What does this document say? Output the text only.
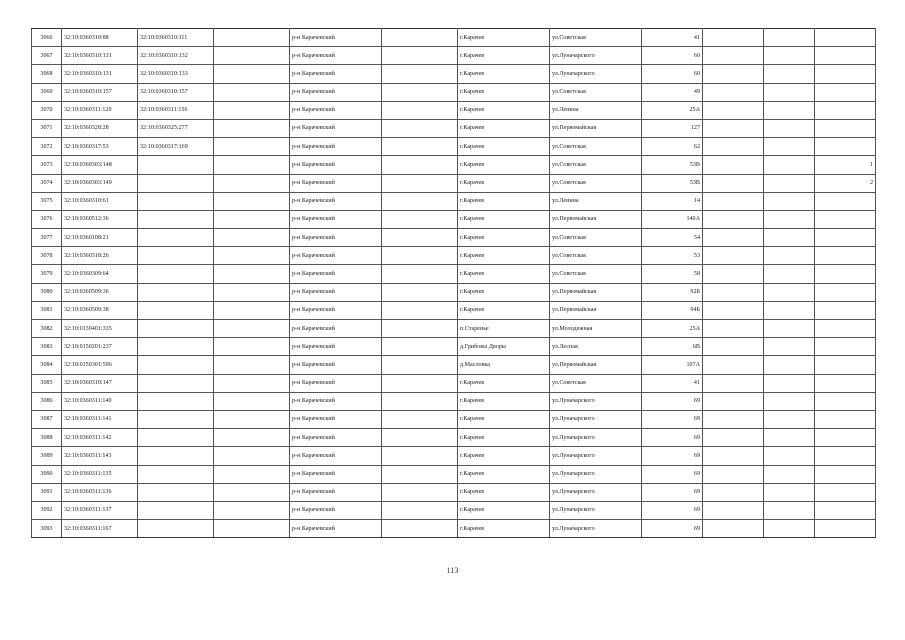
3066	32:10:0360310:88	32:10:0360310:111		р-н Карачевский		г.Карачев	ул.Советская	41			
3067	32:10:0360310:131	32:10:0360310:132		р-н Карачевский		г.Карачев	ул.Луначарского	60			
3068	32:10:0360310:131	32:10:0360310:133		р-н Карачевский		г.Карачев	ул.Луначарского	60			
3069	32:10:0360310:157	32:10:0360310:157		р-н Карачевский		г.Карачев	ул.Советская	49			
3070	32:10:0360311:120	32:10:0360311:156		р-н Карачевский		г.Карачев	ул.Ленина	25А			
3071	32:10:0360328:28	32:10:0360325:277		р-н Карачевский		г.Карачев	ул.Первомайская	127			
3072	32:10:0360317:53	32:10:0360317:169		р-н Карачевский		г.Карачев	ул.Советская	62			
3073	32:10:0360303:148			р-н Карачевский		г.Карачев	ул.Советская	53В			1
3074	32:10:0360303:149			р-н Карачевский		г.Карачев	ул.Советская	53В			2
3075	32:10:0360310:61			р-н Карачевский		г.Карачев	ул.Ленина	14			
3076	32:10:0360512:36			р-н Карачевский		г.Карачев	ул.Первомайская	140А			
3077	32:10:0360108:21			р-н Карачевский		г.Карачев	ул.Советская	54			
3078	32:10:0360318:26			р-н Карачевский		г.Карачев	ул.Советская	53			
3079	32:10:0360309:64			р-н Карачевский		г.Карачев	ул.Советская	58			
3080	32:10:0360509:36			р-н Карачевский		г.Карачев	ул.Первомайская	92Б			
3081	32:10:0360509:38			р-н Карачевский		г.Карачев	ул.Первомайская	94Б			
3082	32:10:0130401:335			р-н Карачевский		п.Старенье	ул.Молодежная	25А			
3083	32:10:0150201:237			р-н Карачевский		д.Грибовы Дворы	ул.Лесная	6В			
3084	32:10:0150301:596			р-н Карачевский		д.Масловка	ул.Первомайская	107А			
3085	32:10:0360310:147			р-н Карачевский		г.Карачев	ул.Советская	41			
3086	32:10:0360311:140			р-н Карачевский		г.Карачев	ул.Луначарского	69			
3087	32:10:0360311:141			р-н Карачевский		г.Карачев	ул.Луначарского	69			
3088	32:10:0360311:142			р-н Карачевский		г.Карачев	ул.Луначарского	69			
3089	32:10:0360311:143			р-н Карачевский		г.Карачев	ул.Луначарского	69			
3090	32:10:0360311:135			р-н Карачевский		г.Карачев	ул.Луначарского	69			
3091	32:10:0360311:136			р-н Карачевский		г.Карачев	ул.Луначарского	69			
3092	32:10:0360311:137			р-н Карачевский		г.Карачев	ул.Луначарского	69			
3093	32:10:0360311:167			р-н Карачевский		г.Карачев	ул.Луначарского	69			
113
